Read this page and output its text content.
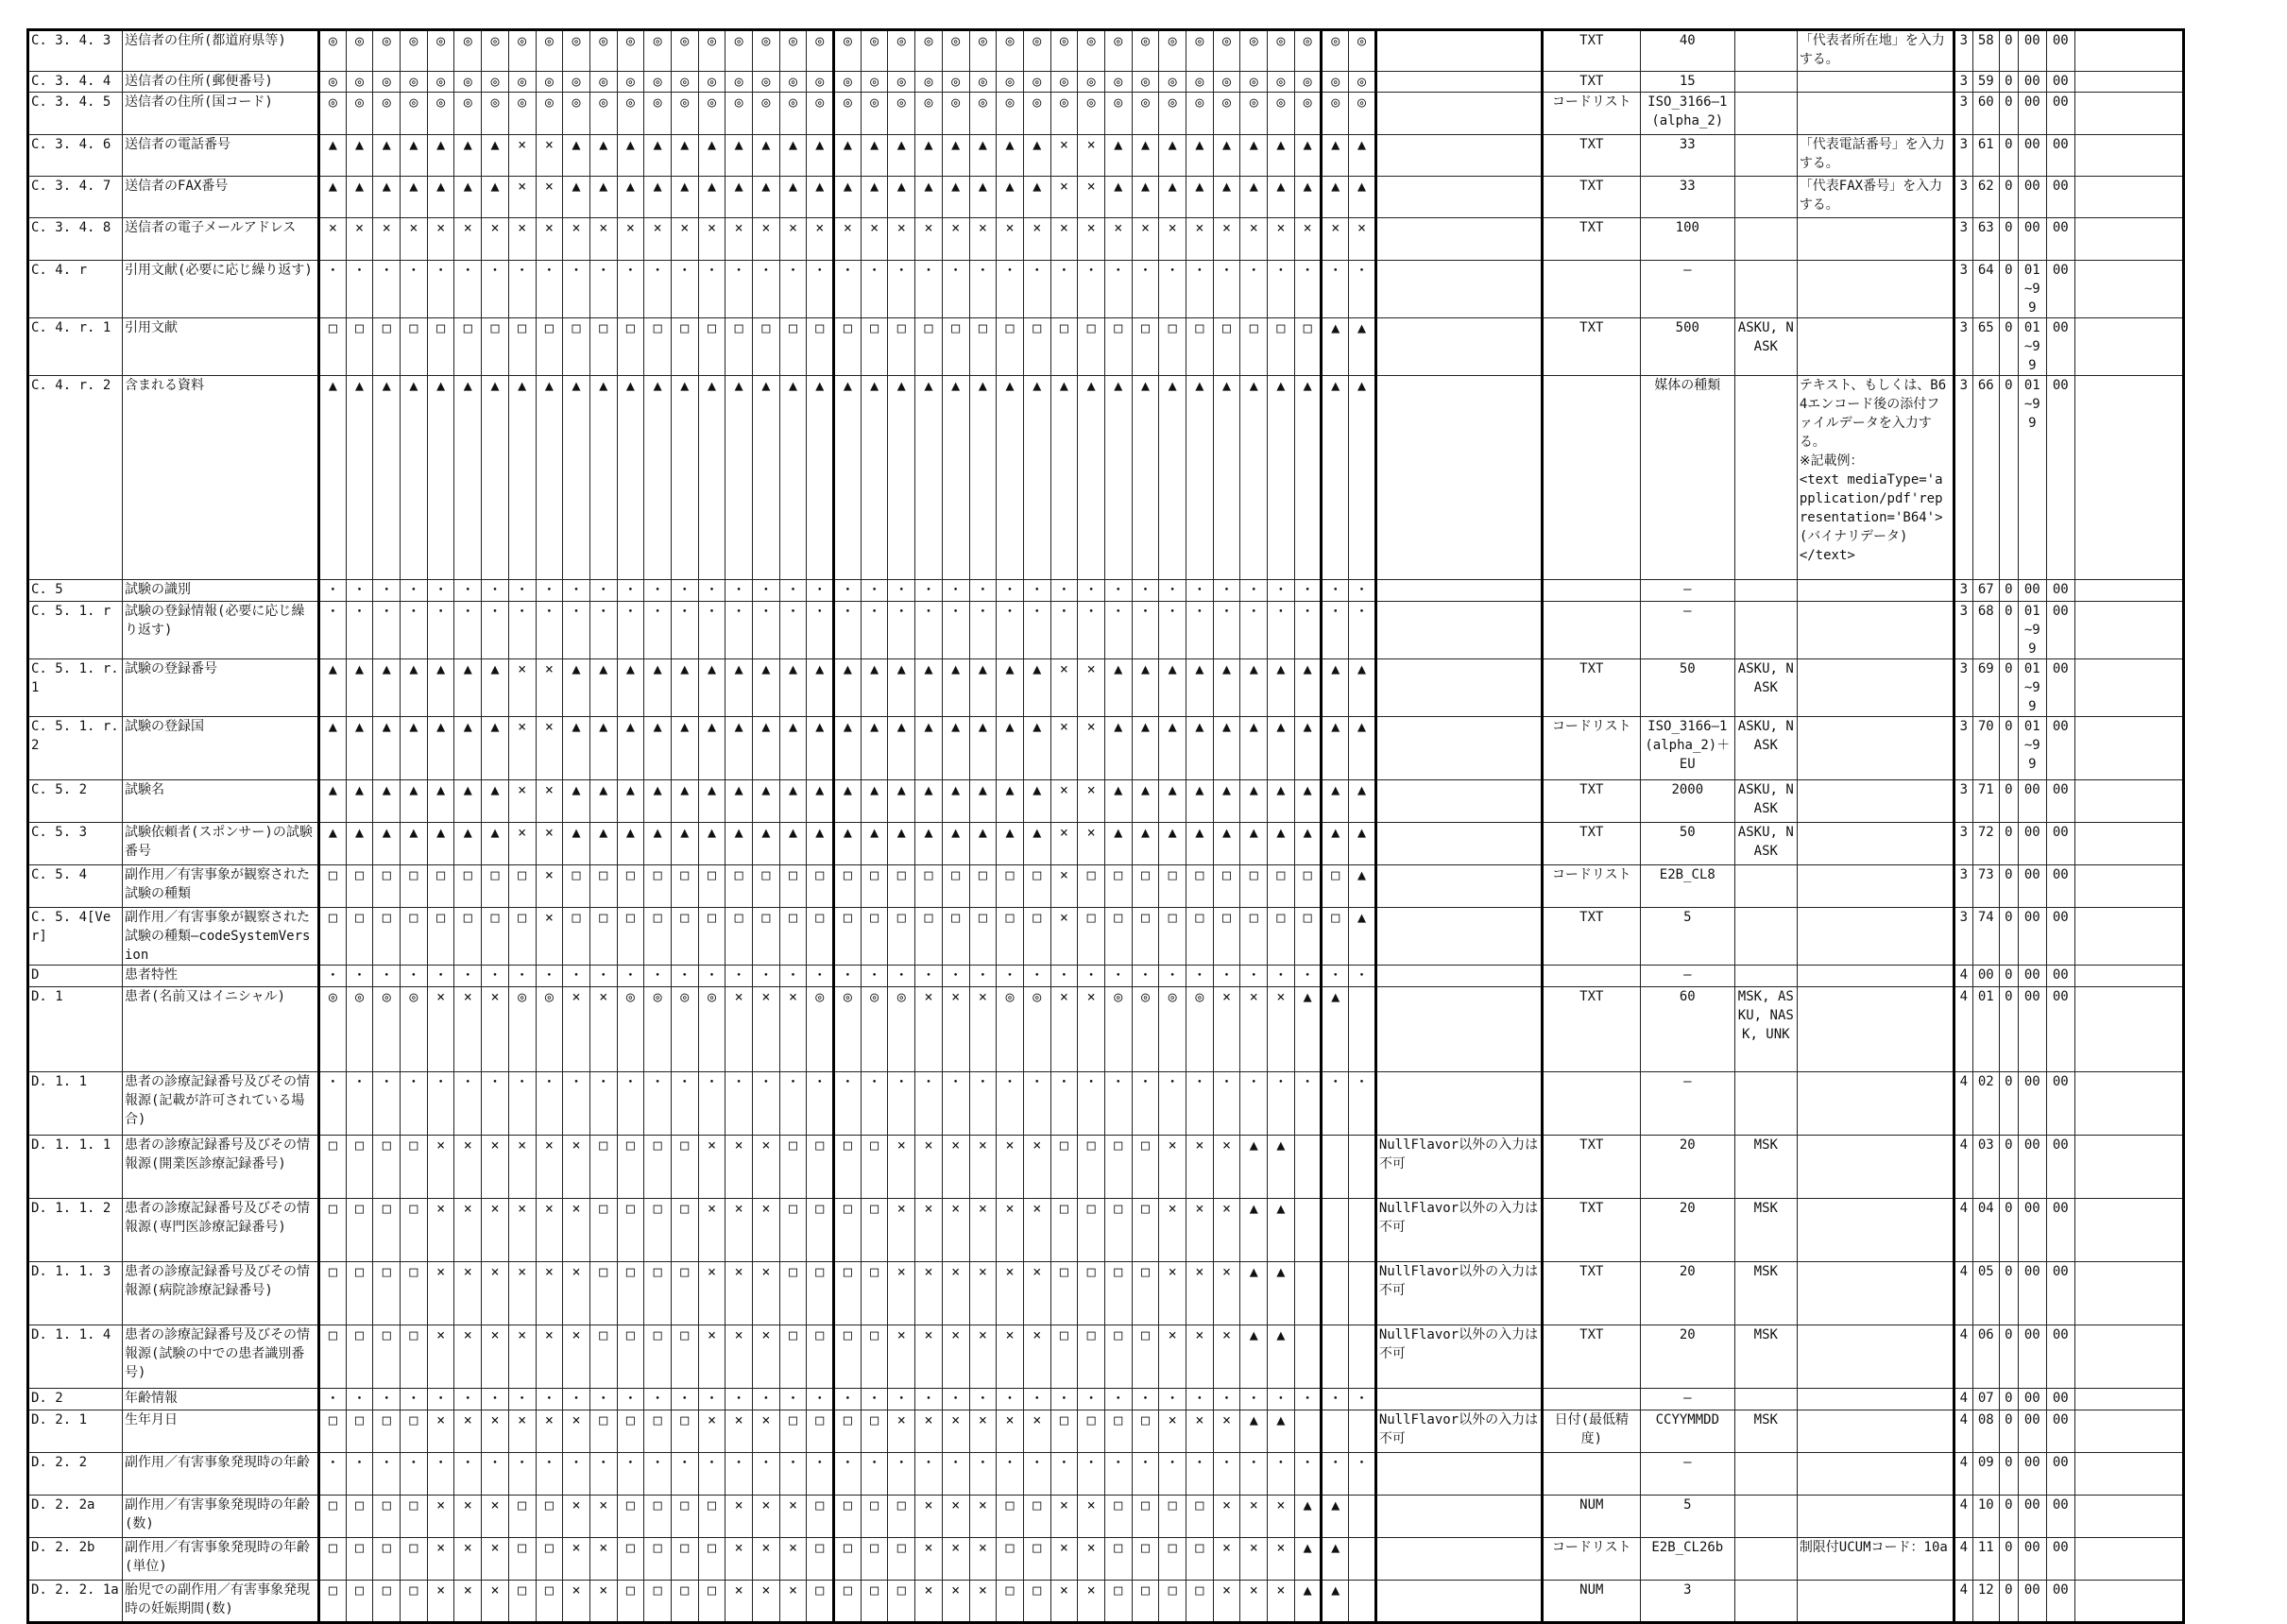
C. 3. 4. 3	送信者の住所(都道府県等)	◎	◎	◎	◎	◎	◎	◎	◎	◎	◎	◎	◎	◎	◎	◎	◎	◎	◎	◎	◎	◎	◎	◎	◎	◎	◎	◎	◎	◎	◎	◎	◎	◎	◎	◎	◎	◎	◎	◎		TXT	40		「代表者所在地」を入力する。	3	58	0	00	00	
C. 3. 4. 4	送信者の住所(郵便番号)	◎	◎	◎	◎	◎	◎	◎	◎	◎	◎	◎	◎	◎	◎	◎	◎	◎	◎	◎	◎	◎	◎	◎	◎	◎	◎	◎	◎	◎	◎	◎	◎	◎	◎	◎	◎	◎	◎	◎		TXT	15			3	59	0	00	00	
C. 3. 4. 5	送信者の住所(国コード)	◎	◎	◎	◎	◎	◎	◎	◎	◎	◎	◎	◎	◎	◎	◎	◎	◎	◎	◎	◎	◎	◎	◎	◎	◎	◎	◎	◎	◎	◎	◎	◎	◎	◎	◎	◎	◎	◎	◎		コードリスト	ISO_3166―1 (alpha_2)			3	60	0	00	00	
C. 3. 4. 6	送信者の電話番号	▲	▲	▲	▲	▲	▲	▲	×	×	▲	▲	▲	▲	▲	▲	▲	▲	▲	▲	▲	▲	▲	▲	▲	▲	▲	▲	×	×	▲	▲	▲	▲	▲	▲	▲	▲	▲	▲		TXT	33		「代表電話番号」を入力する。	3	61	0	00	00	
C. 3. 4. 7	送信者のFAX番号	▲	▲	▲	▲	▲	▲	▲	×	×	▲	▲	▲	▲	▲	▲	▲	▲	▲	▲	▲	▲	▲	▲	▲	▲	▲	▲	×	×	▲	▲	▲	▲	▲	▲	▲	▲	▲	▲		TXT	33		「代表FAX番号」を入力する。	3	62	0	00	00	
C. 3. 4. 8	送信者の電子メールアドレス	×	×	×	×	×	×	×	×	×	×	×	×	×	×	×	×	×	×	×	×	×	×	×	×	×	×	×	×	×	×	×	×	×	×	×	×	×	×	×		TXT	100			3	63	0	00	00	
C. 4. r	引用文献(必要に応じ繰り返す)	・	・	・	・	・	・	・	・	・	・	・	・	・	・	・	・	・	・	・	・	・	・	・	・	・	・	・	・	・	・	・	・	・	・	・	・	・	・	・			―			3	64	0	01~99	00	
C. 4. r. 1	引用文献	□	□	□	□	□	□	□	□	□	□	□	□	□	□	□	□	□	□	□	□	□	□	□	□	□	□	□	□	□	□	□	□	□	□	□	□	□	▲	▲		TXT	500	ASKU, NASK		3	65	0	01~99	00	
C. 4. r. 2	含まれる資料	▲	▲	▲	▲	▲	▲	▲	▲	▲	▲	▲	▲	▲	▲	▲	▲	▲	▲	▲	▲	▲	▲	▲	▲	▲	▲	▲	▲	▲	▲	▲	▲	▲	▲	▲	▲	▲	▲	▲			媒体の種類		テキスト、もしくは、B64エンコード後の添付ファイルデータを入力する。
※記載例：
<text mediaType='application/pdf'representation='B64'>
(バイナリデータ)
</text>	3	66	0	01~99	00	
C. 5	試験の識別	・	・	・	・	・	・	・	・	・	・	・	・	・	・	・	・	・	・	・	・	・	・	・	・	・	・	・	・	・	・	・	・	・	・	・	・	・	・	・			―			3	67	0	00	00	
C. 5. 1. r	試験の登録情報(必要に応じ繰り返す)	・	・	・	・	・	・	・	・	・	・	・	・	・	・	・	・	・	・	・	・	・	・	・	・	・	・	・	・	・	・	・	・	・	・	・	・	・	・	・			―			3	68	0	01~99	00	
C. 5. 1. r. 1	試験の登録番号	▲	▲	▲	▲	▲	▲	▲	×	×	▲	▲	▲	▲	▲	▲	▲	▲	▲	▲	▲	▲	▲	▲	▲	▲	▲	▲	×	×	▲	▲	▲	▲	▲	▲	▲	▲	▲	▲		TXT	50	ASKU, NASK		3	69	0	01~99	00	
C. 5. 1. r. 2	試験の登録国	▲	▲	▲	▲	▲	▲	▲	×	×	▲	▲	▲	▲	▲	▲	▲	▲	▲	▲	▲	▲	▲	▲	▲	▲	▲	▲	×	×	▲	▲	▲	▲	▲	▲	▲	▲	▲	▲		コードリスト	ISO_3166―1 (alpha_2)＋EU	ASKU, NASK		3	70	0	01~99	00	
C. 5. 2	試験名	▲	▲	▲	▲	▲	▲	▲	×	×	▲	▲	▲	▲	▲	▲	▲	▲	▲	▲	▲	▲	▲	▲	▲	▲	▲	▲	×	×	▲	▲	▲	▲	▲	▲	▲	▲	▲	▲		TXT	2000	ASKU, NASK		3	71	0	00	00	
C. 5. 3	試験依頼者(スポンサー)の試験番号	▲	▲	▲	▲	▲	▲	▲	×	×	▲	▲	▲	▲	▲	▲	▲	▲	▲	▲	▲	▲	▲	▲	▲	▲	▲	▲	×	×	▲	▲	▲	▲	▲	▲	▲	▲	▲	▲		TXT	50	ASKU, NASK		3	72	0	00	00	
C. 5. 4	副作用／有害事象が観察された試験の種類	□	□	□	□	□	□	□	□	×	□	□	□	□	□	□	□	□	□	□	□	□	□	□	□	□	□	□	×	□	□	□	□	□	□	□	□	□	□	▲		コードリスト	E2B_CL8			3	73	0	00	00	
C. 5. 4[Ver]	副作用／有害事象が観察された試験の種類―codeSystemVersion	□	□	□	□	□	□	□	□	×	□	□	□	□	□	□	□	□	□	□	□	□	□	□	□	□	□	□	×	□	□	□	□	□	□	□	□	□	□	▲		TXT	5			3	74	0	00	00	
D	患者特性	・	・	・	・	・	・	・	・	・	・	・	・	・	・	・	・	・	・	・	・	・	・	・	・	・	・	・	・	・	・	・	・	・	・	・	・	・	・	・			―			4	00	0	00	00	
D. 1	患者(名前又はイニシャル)	◎	◎	◎	◎	×	×	×	◎	◎	×	×	◎	◎	◎	◎	×	×	×	◎	◎	◎	◎	×	×	×	◎	◎	×	×	◎	◎	◎	◎	×	×	×	▲	▲			TXT	60	MSK, ASKU, NASK, UNK		4	01	0	00	00	
D. 1. 1	患者の診療記録番号及びその情報源(記載が許可されている場合)	・	・	・	・	・	・	・	・	・	・	・	・	・	・	・	・	・	・	・	・	・	・	・	・	・	・	・	・	・	・	・	・	・	・	・	・	・	・	・			―			4	02	0	00	00	
D. 1. 1. 1	患者の診療記録番号及びその情報源(開業医診療記録番号)	□	□	□	□	×	×	×	×	×	×	□	□	□	□	×	×	×	□	□	□	□	×	×	×	×	×	×	□	□	□	□	×	×	×	▲	▲				NullFlavor以外の入力は不可	TXT	20	MSK		4	03	0	00	00	
D. 1. 1. 2	患者の診療記録番号及びその情報源(専門医診療記録番号)	□	□	□	□	×	×	×	×	×	×	□	□	□	□	×	×	×	□	□	□	□	×	×	×	×	×	×	□	□	□	□	×	×	×	▲	▲				NullFlavor以外の入力は不可	TXT	20	MSK		4	04	0	00	00	
D. 1. 1. 3	患者の診療記録番号及びその情報源(病院診療記録番号)	□	□	□	□	×	×	×	×	×	×	□	□	□	□	×	×	×	□	□	□	□	×	×	×	×	×	×	□	□	□	□	×	×	×	▲	▲				NullFlavor以外の入力は不可	TXT	20	MSK		4	05	0	00	00	
D. 1. 1. 4	患者の診療記録番号及びその情報源(試験の中での患者識別番号)	□	□	□	□	×	×	×	×	×	×	□	□	□	□	×	×	×	□	□	□	□	×	×	×	×	×	×	□	□	□	□	×	×	×	▲	▲				NullFlavor以外の入力は不可	TXT	20	MSK		4	06	0	00	00	
D. 2	年齢情報	・	・	・	・	・	・	・	・	・	・	・	・	・	・	・	・	・	・	・	・	・	・	・	・	・	・	・	・	・	・	・	・	・	・	・	・	・	・	・			―			4	07	0	00	00	
D. 2. 1	生年月日	□	□	□	□	×	×	×	×	×	×	□	□	□	□	×	×	×	□	□	□	□	×	×	×	×	×	×	□	□	□	□	×	×	×	▲	▲				NullFlavor以外の入力は不可	日付(最低精度)	CCYYMMDD	MSK		4	08	0	00	00	
D. 2. 2	副作用／有害事象発現時の年齢	・	・	・	・	・	・	・	・	・	・	・	・	・	・	・	・	・	・	・	・	・	・	・	・	・	・	・	・	・	・	・	・	・	・	・	・	・	・	・			―			4	09	0	00	00	
D. 2. 2a	副作用／有害事象発現時の年齢(数)	□	□	□	□	×	×	×	□	□	×	×	□	□	□	□	×	×	×	□	□	□	□	×	×	×	□	□	×	×	□	□	□	□	×	×	×	▲	▲			NUM	5			4	10	0	00	00	
D. 2. 2b	副作用／有害事象発現時の年齢(単位)	□	□	□	□	×	×	×	□	□	×	×	□	□	□	□	×	×	×	□	□	□	□	×	×	×	□	□	×	×	□	□	□	□	×	×	×	▲	▲			コードリスト	E2B_CL26b		制限付UCUMコード：10a	4	11	0	00	00	
D. 2. 2. 1a	胎児での副作用／有害事象発現時の妊娠期間(数)	□	□	□	□	×	×	×	□	□	×	×	□	□	□	□	×	×	×	□	□	□	□	×	×	×	□	□	×	×	□	□	□	□	×	×	×	▲	▲			NUM	3			4	12	0	00	00	
